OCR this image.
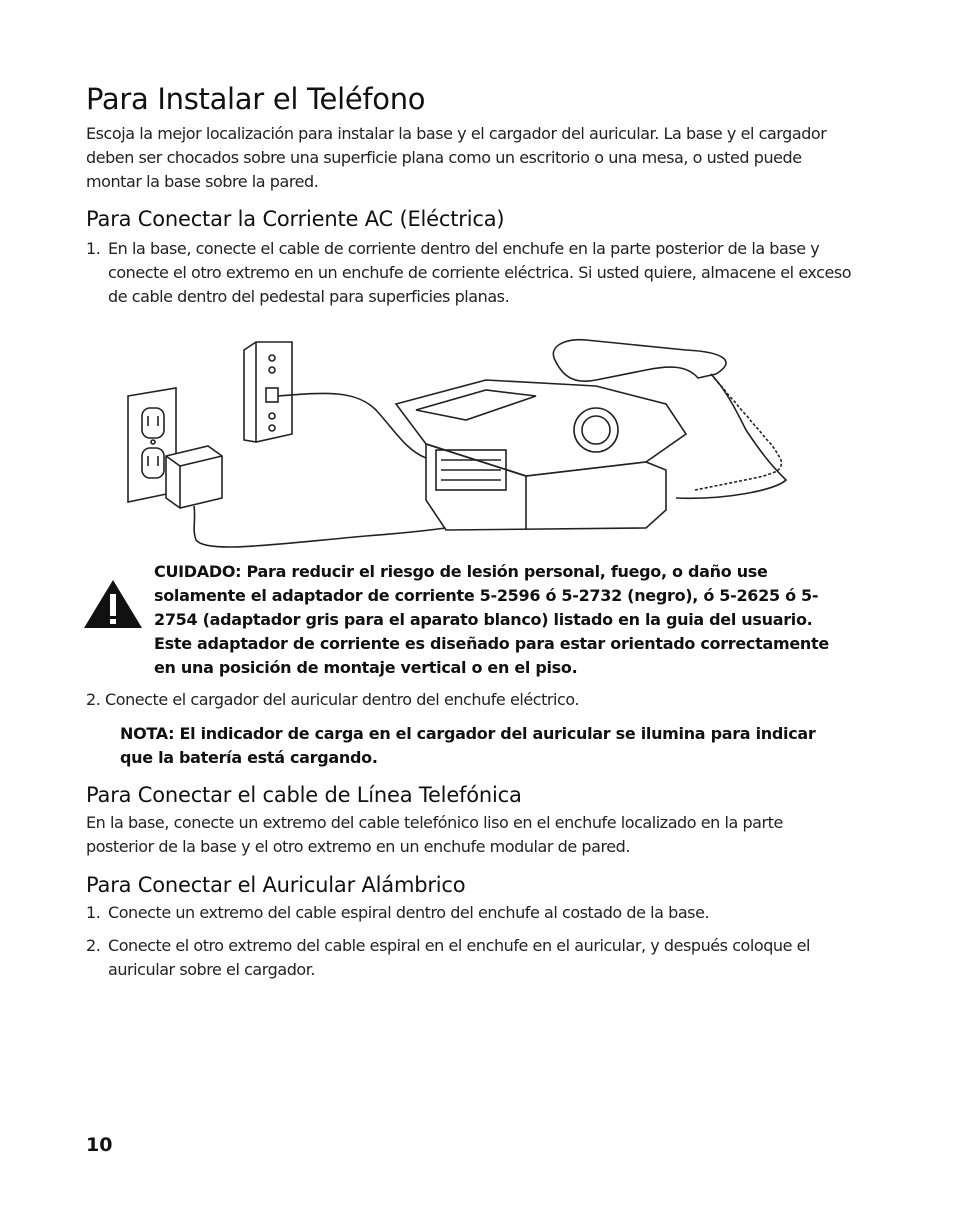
Para Instalar el Teléfono

Escoja la mejor localización para instalar la base y el cargador del auricular. La base y el cargador deben ser chocados sobre una superficie plana como un escritorio o una mesa, o usted puede montar la base sobre la pared.

Para Conectar la Corriente AC (Eléctrica)
1. En la base, conecte el cable de corriente dentro del enchufe en la parte posterior de la base y conecte el otro extremo en un enchufe de corriente eléctrica. Si usted quiere, almacene el exceso de cable dentro del pedestal para superficies planas.
CUIDADO: Para reducir el riesgo de lesión personal, fuego, o daño use solamente el adaptador de corriente 5-2596 ó 5-2732 (negro), ó 5-2625 ó 5-2754 (adaptador gris para el aparato blanco) listado en la guia del usuario. Este adaptador de corriente es diseñado para estar orientado correctamente en una posición de montaje vertical o en el piso.
2. Conecte el cargador del auricular dentro del enchufe eléctrico.
NOTA: El indicador de carga en el cargador del auricular se ilumina para indicar que la batería está cargando.
Para Conectar el cable de Línea Telefónica

En la base, conecte un extremo del cable telefónico liso en el enchufe localizado en la parte posterior de la base y el otro extremo en un enchufe modular de pared.

Para Conectar el Auricular Alámbrico
1. Conecte un extremo del cable espiral dentro del enchufe al costado de la base.
2. Conecte el otro extremo del cable espiral en el enchufe en el auricular, y después coloque el auricular sobre el cargador.
10
